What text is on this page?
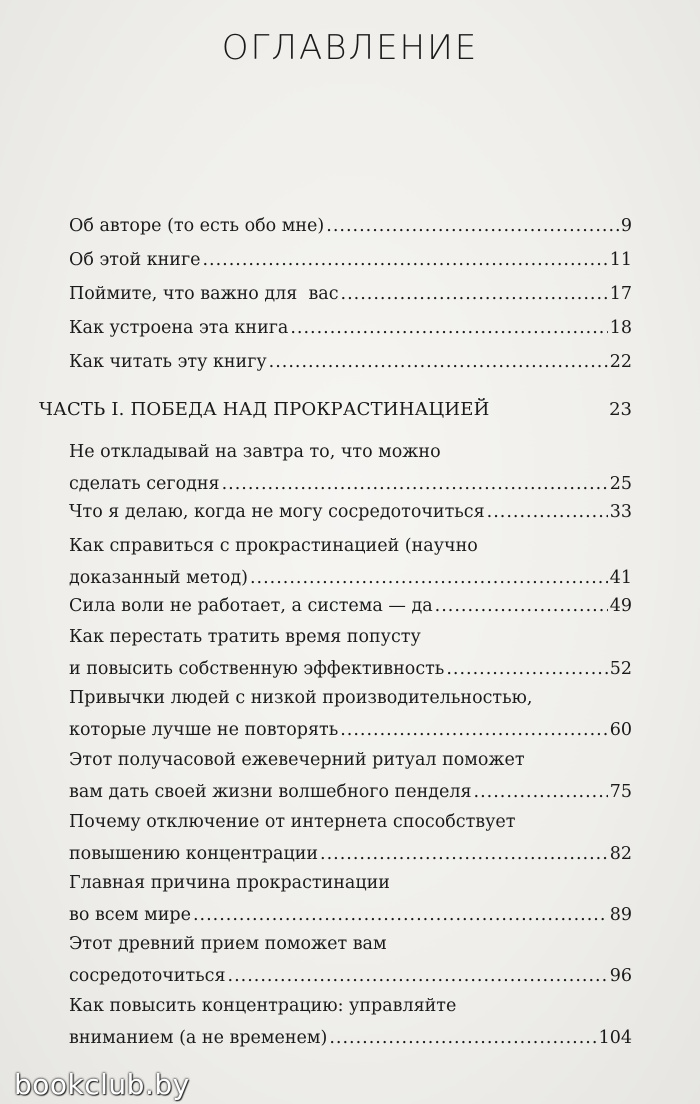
ОГЛАВЛЕНИЕ
Об авторе (то есть обо мне) .....	9
Об этой книге .....	11
Поймите, что важно для  вас .....	17
Как устроена эта книга .....	18
Как читать эту книгу .....	22
ЧАСТЬ I. ПОБЕДА НАД ПРОКРАСТИНАЦИЕЙ	23
Не откладывай на завтра то, что можно
сделать сегодня .....	25
Что я делаю, когда не могу сосредоточиться .....	33
Как справиться с прокрастинацией (научно
доказанный метод) .....	41
Сила воли не работает, а система — да .....	49
Как перестать тратить время попусту
и повысить собственную эффективность .....	52
Привычки людей с низкой производительностью,
которые лучше не повторять .....	60
Этот получасовой ежевечерний ритуал поможет
вам дать своей жизни волшебного пенделя .....	75
Почему отключение от интернета способствует
повышению концентрации .....	82
Главная причина прокрастинации
во всем мире .....	89
Этот древний прием поможет вам
сосредоточиться .....	96
Как повысить концентрацию: управляйте
вниманием (а не временем) .....	104
bookclub.by
